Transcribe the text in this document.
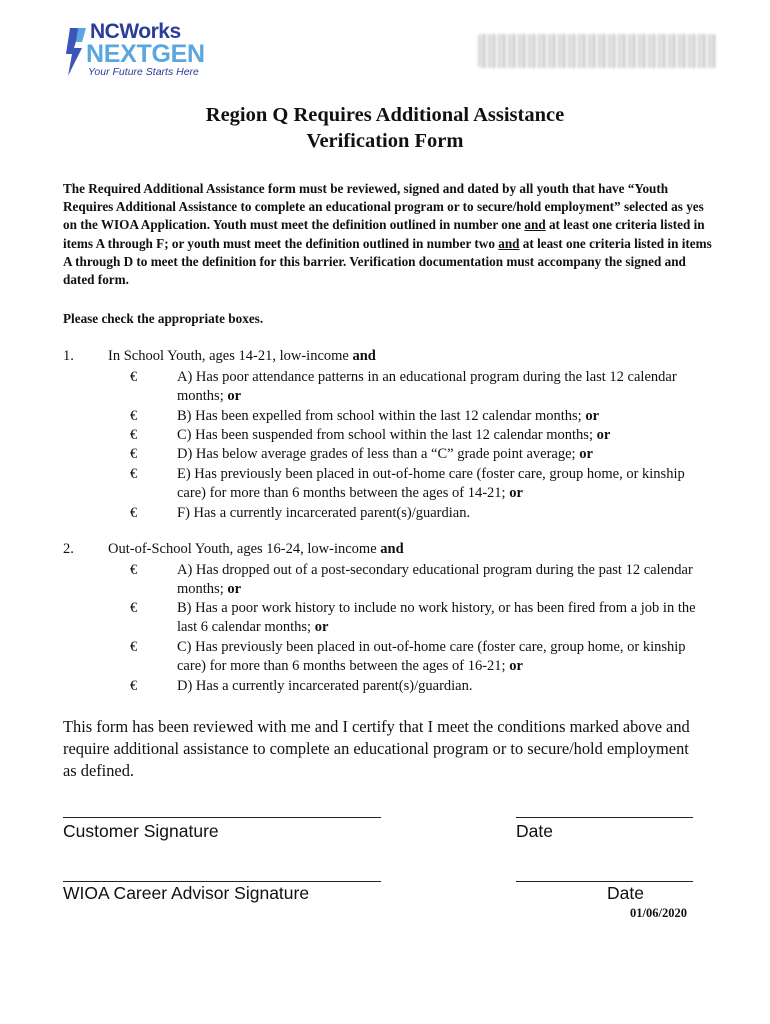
NCWorks
NEXTGEN
Your Future Starts Here
Region Q Requires Additional Assistance
Verification Form
The Required Additional Assistance form must be reviewed, signed and dated by all youth that have “Youth Requires Additional Assistance to complete an educational program or to secure/hold employment” selected as yes on the WIOA Application. Youth must meet the definition outlined in number one and at least one criteria listed in items A through F; or youth must meet the definition outlined in number two and at least one criteria listed in items A through D to meet the definition for this barrier. Verification documentation must accompany the signed and dated form.
Please check the appropriate boxes.
1. In School Youth, ages 14-21, low-income and
€	A) Has poor attendance patterns in an educational program during the last 12 calendar months; or
€	B) Has been expelled from school within the last 12 calendar months; or
€	C) Has been suspended from school within the last 12 calendar months; or
€	D) Has below average grades of less than a “C” grade point average; or
€	E) Has previously been placed in out-of-home care (foster care, group home, or kinship care) for more than 6 months between the ages of 14-21; or
€	F) Has a currently incarcerated parent(s)/guardian.
2. Out-of-School Youth, ages 16-24, low-income and
€	A) Has dropped out of a post-secondary educational program during the past 12 calendar months; or
€	B) Has a poor work history to include no work history, or has been fired from a job in the last 6 calendar months; or
€	C) Has previously been placed in out-of-home care (foster care, group home, or kinship care) for more than 6 months between the ages of 16-21; or
€	D) Has a currently incarcerated parent(s)/guardian.
This form has been reviewed with me and I certify that I meet the conditions marked above and require additional assistance to complete an educational program or to secure/hold employment as defined.
Customer Signature	Date
WIOA Career Advisor Signature	Date
01/06/2020
